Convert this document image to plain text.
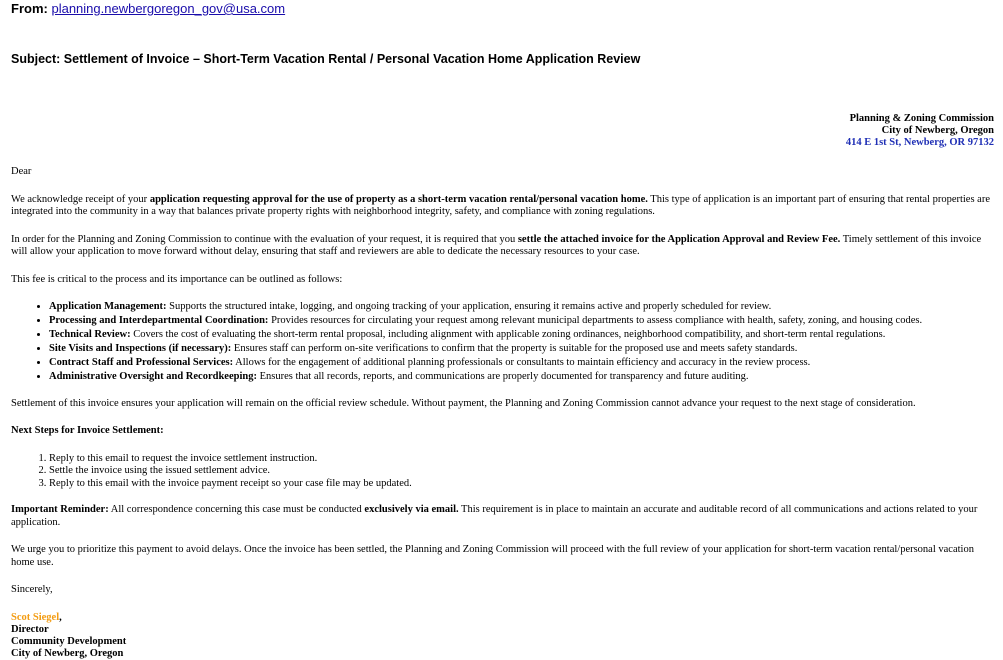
From: planning.newbergoregon_gov@usa.com
Subject: Settlement of Invoice – Short-Term Vacation Rental / Personal Vacation Home Application Review
Planning & Zoning Commission
City of Newberg, Oregon
414 E 1st St, Newberg, OR 97132

Dear

We acknowledge receipt of your application requesting approval for the use of property as a short-term vacation rental/personal vacation home. This type of application is an important part of ensuring that rental properties are integrated into the community in a way that balances private property rights with neighborhood integrity, safety, and compliance with zoning regulations.

In order for the Planning and Zoning Commission to continue with the evaluation of your request, it is required that you settle the attached invoice for the Application Approval and Review Fee. Timely settlement of this invoice will allow your application to move forward without delay, ensuring that staff and reviewers are able to dedicate the necessary resources to your case.

This fee is critical to the process and its importance can be outlined as follows:

• Application Management: Supports the structured intake, logging, and ongoing tracking of your application, ensuring it remains active and properly scheduled for review.
• Processing and Interdepartmental Coordination: Provides resources for circulating your request among relevant municipal departments to assess compliance with health, safety, zoning, and housing codes.
• Technical Review: Covers the cost of evaluating the short-term rental proposal, including alignment with applicable zoning ordinances, neighborhood compatibility, and short-term rental regulations.
• Site Visits and Inspections (if necessary): Ensures staff can perform on-site verifications to confirm that the property is suitable for the proposed use and meets safety standards.
• Contract Staff and Professional Services: Allows for the engagement of additional planning professionals or consultants to maintain efficiency and accuracy in the review process.
• Administrative Oversight and Recordkeeping: Ensures that all records, reports, and communications are properly documented for transparency and future auditing.

Settlement of this invoice ensures your application will remain on the official review schedule. Without payment, the Planning and Zoning Commission cannot advance your request to the next stage of consideration.

Next Steps for Invoice Settlement:

1. Reply to this email to request the invoice settlement instruction.
2. Settle the invoice using the issued settlement advice.
3. Reply to this email with the invoice payment receipt so your case file may be updated.

Important Reminder: All correspondence concerning this case must be conducted exclusively via email. This requirement is in place to maintain an accurate and auditable record of all communications and actions related to your application.

We urge you to prioritize this payment to avoid delays. Once the invoice has been settled, the Planning and Zoning Commission will proceed with the full review of your application for short-term vacation rental/personal vacation home use.

Sincerely,

Scot Siegel,
Director
Community Development
City of Newberg, Oregon
